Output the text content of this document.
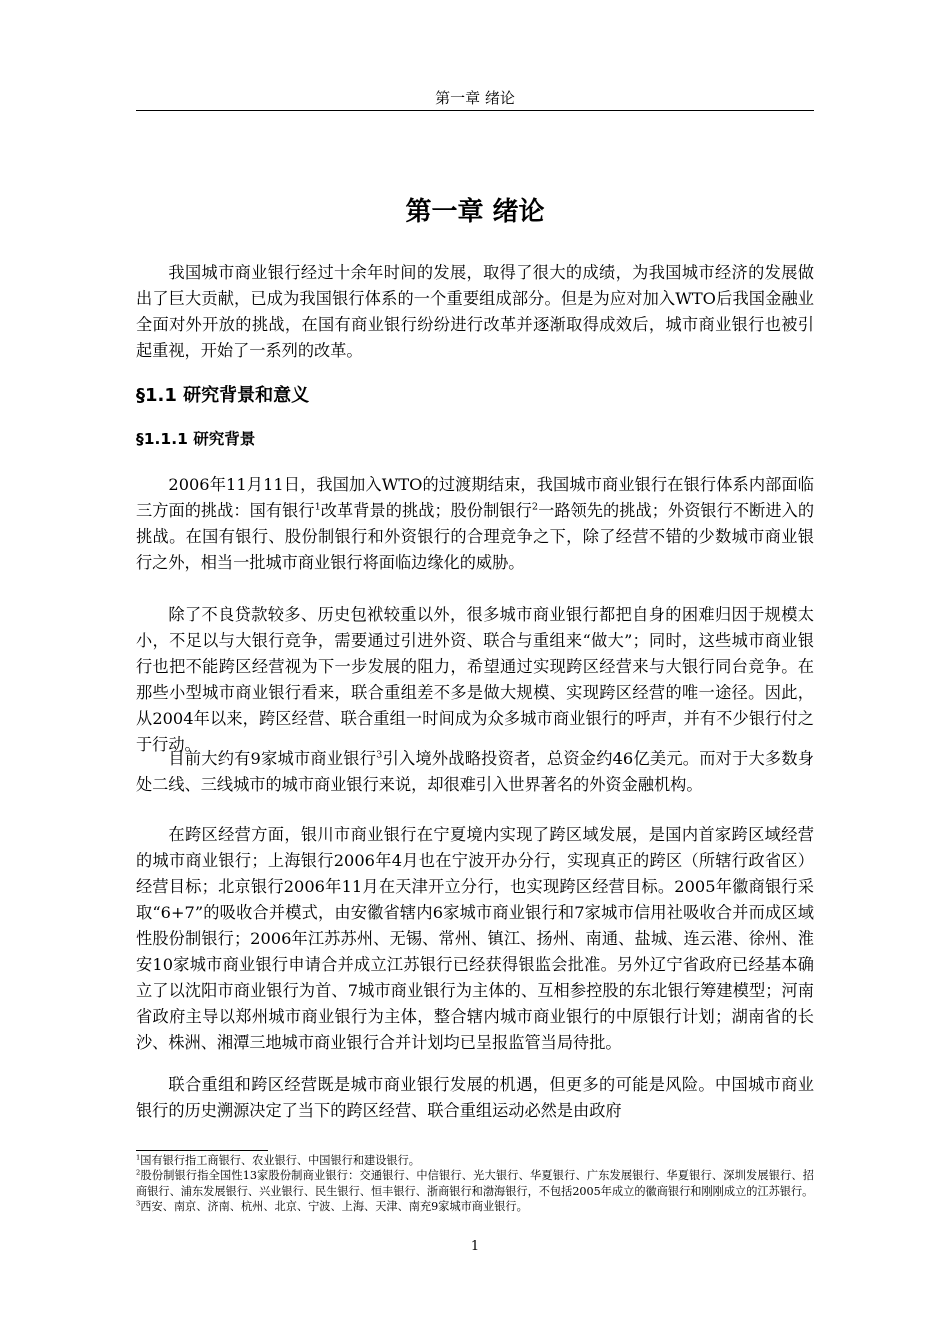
第一章 绪论
第一章 绪论

我国城市商业银行经过十余年时间的发展，取得了很大的成绩，为我国城市经济的发展做出了巨大贡献，已成为我国银行体系的一个重要组成部分。但是为应对加入WTO后我国金融业全面对外开放的挑战，在国有商业银行纷纷进行改革并逐渐取得成效后，城市商业银行也被引起重视，开始了一系列的改革。

§1.1 研究背景和意义
§1.1.1 研究背景

2006年11月11日，我国加入WTO的过渡期结束，我国城市商业银行在银行体系内部面临三方面的挑战：国有银行$^1$改革背景的挑战；股份制银行$^2$一路领先的挑战；外资银行不断进入的挑战。在国有银行、股份制银行和外资银行的合理竞争之下，除了经营不错的少数城市商业银行之外，相当一批城市商业银行将面临边缘化的威胁。

除了不良贷款较多、历史包袱较重以外，很多城市商业银行都把自身的困难归因于规模太小，不足以与大银行竞争，需要通过引进外资、联合与重组来“做大”；同时，这些城市商业银行也把不能跨区经营视为下一步发展的阻力，希望通过实现跨区经营来与大银行同台竞争。在那些小型城市商业银行看来，联合重组差不多是做大规模、实现跨区经营的唯一途径。因此，从2004年以来，跨区经营、联合重组一时间成为众多城市商业银行的呼声，并有不少银行付之于行动。

目前大约有9家城市商业银行$^3$引入境外战略投资者，总资金约46亿美元。而对于大多数身处二线、三线城市的城市商业银行来说，却很难引入世界著名的外资金融机构。

在跨区经营方面，银川市商业银行在宁夏境内实现了跨区域发展，是国内首家跨区域经营的城市商业银行；上海银行2006年4月也在宁波开办分行，实现真正的跨区（所辖行政省区）经营目标；北京银行2006年11月在天津开立分行，也实现跨区经营目标。2005年徽商银行采取“6+7”的吸收合并模式，由安徽省辖内6家城市商业银行和7家城市信用社吸收合并而成区域性股份制银行；2006年江苏苏州、无锡、常州、镇江、扬州、南通、盐城、连云港、徐州、淮安10家城市商业银行申请合并成立江苏银行已经获得银监会批准。另外辽宁省政府已经基本确立了以沈阳市商业银行为首、7城市商业银行为主体的、互相参控股的东北银行筹建模型；河南省政府主导以郑州城市商业银行为主体，整合辖内城市商业银行的中原银行计划；湖南省的长沙、株洲、湘潭三地城市商业银行合并计划均已呈报监管当局待批。

联合重组和跨区经营既是城市商业银行发展的机遇，但更多的可能是风险。中国城市商业银行的历史溯源决定了当下的跨区经营、联合重组运动必然是由政府

$^1$国有银行指工商银行、农业银行、中国银行和建设银行。

$^2$股份制银行指全国性13家股份制商业银行：交通银行、中信银行、光大银行、华夏银行、广东发展银行、华夏银行、深圳发展银行、招商银行、浦东发展银行、兴业银行、民生银行、恒丰银行、浙商银行和渤海银行，不包括2005年成立的徽商银行和刚刚成立的江苏银行。

$^3$西安、南京、济南、杭州、北京、宁波、上海、天津、南充9家城市商业银行。

1
